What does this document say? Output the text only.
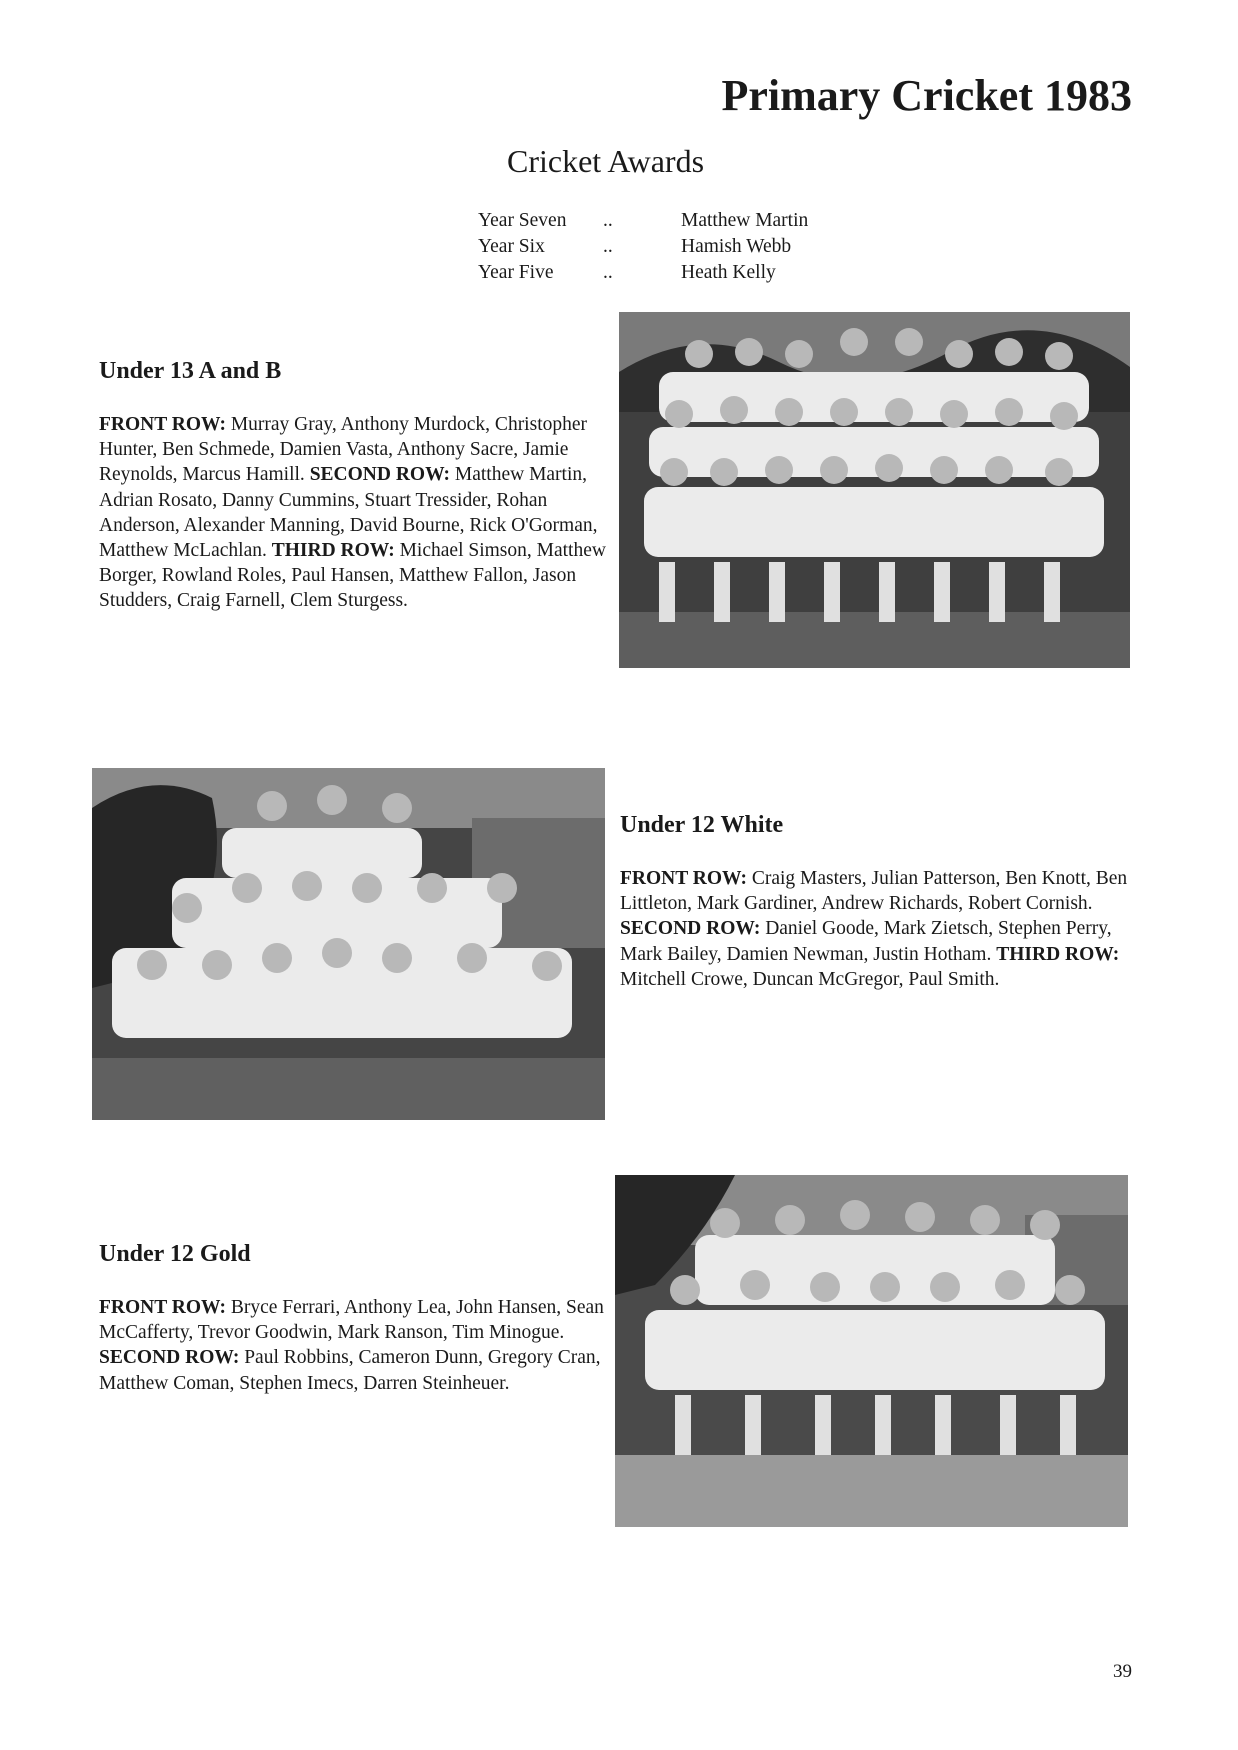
Primary Cricket 1983
Cricket Awards
Year Seven	..	Matthew Martin
Year Six	..	Hamish Webb
Year Five	..	Heath Kelly
Under 13 A and B
FRONT ROW: Murray Gray, Anthony Murdock, Christopher Hunter, Ben Schmede, Damien Vasta, Anthony Sacre, Jamie Reynolds, Marcus Hamill. SECOND ROW: Matthew Martin, Adrian Rosato, Danny Cummins, Stuart Tressider, Rohan Anderson, Alexander Manning, David Bourne, Rick O'Gorman, Matthew McLachlan. THIRD ROW: Michael Simson, Matthew Borger, Rowland Roles, Paul Hansen, Matthew Fallon, Jason Studders, Craig Farnell, Clem Sturgess.
Under 12 White
FRONT ROW: Craig Masters, Julian Patterson, Ben Knott, Ben Littleton, Mark Gardiner, Andrew Richards, Robert Cornish. SECOND ROW: Daniel Goode, Mark Zietsch, Stephen Perry, Mark Bailey, Damien Newman, Justin Hotham. THIRD ROW: Mitchell Crowe, Duncan McGregor, Paul Smith.
Under 12 Gold
FRONT ROW: Bryce Ferrari, Anthony Lea, John Hansen, Sean McCafferty, Trevor Goodwin, Mark Ranson, Tim Minogue. SECOND ROW: Paul Robbins, Cameron Dunn, Gregory Cran, Matthew Coman, Stephen Imecs, Darren Steinheuer.
39
